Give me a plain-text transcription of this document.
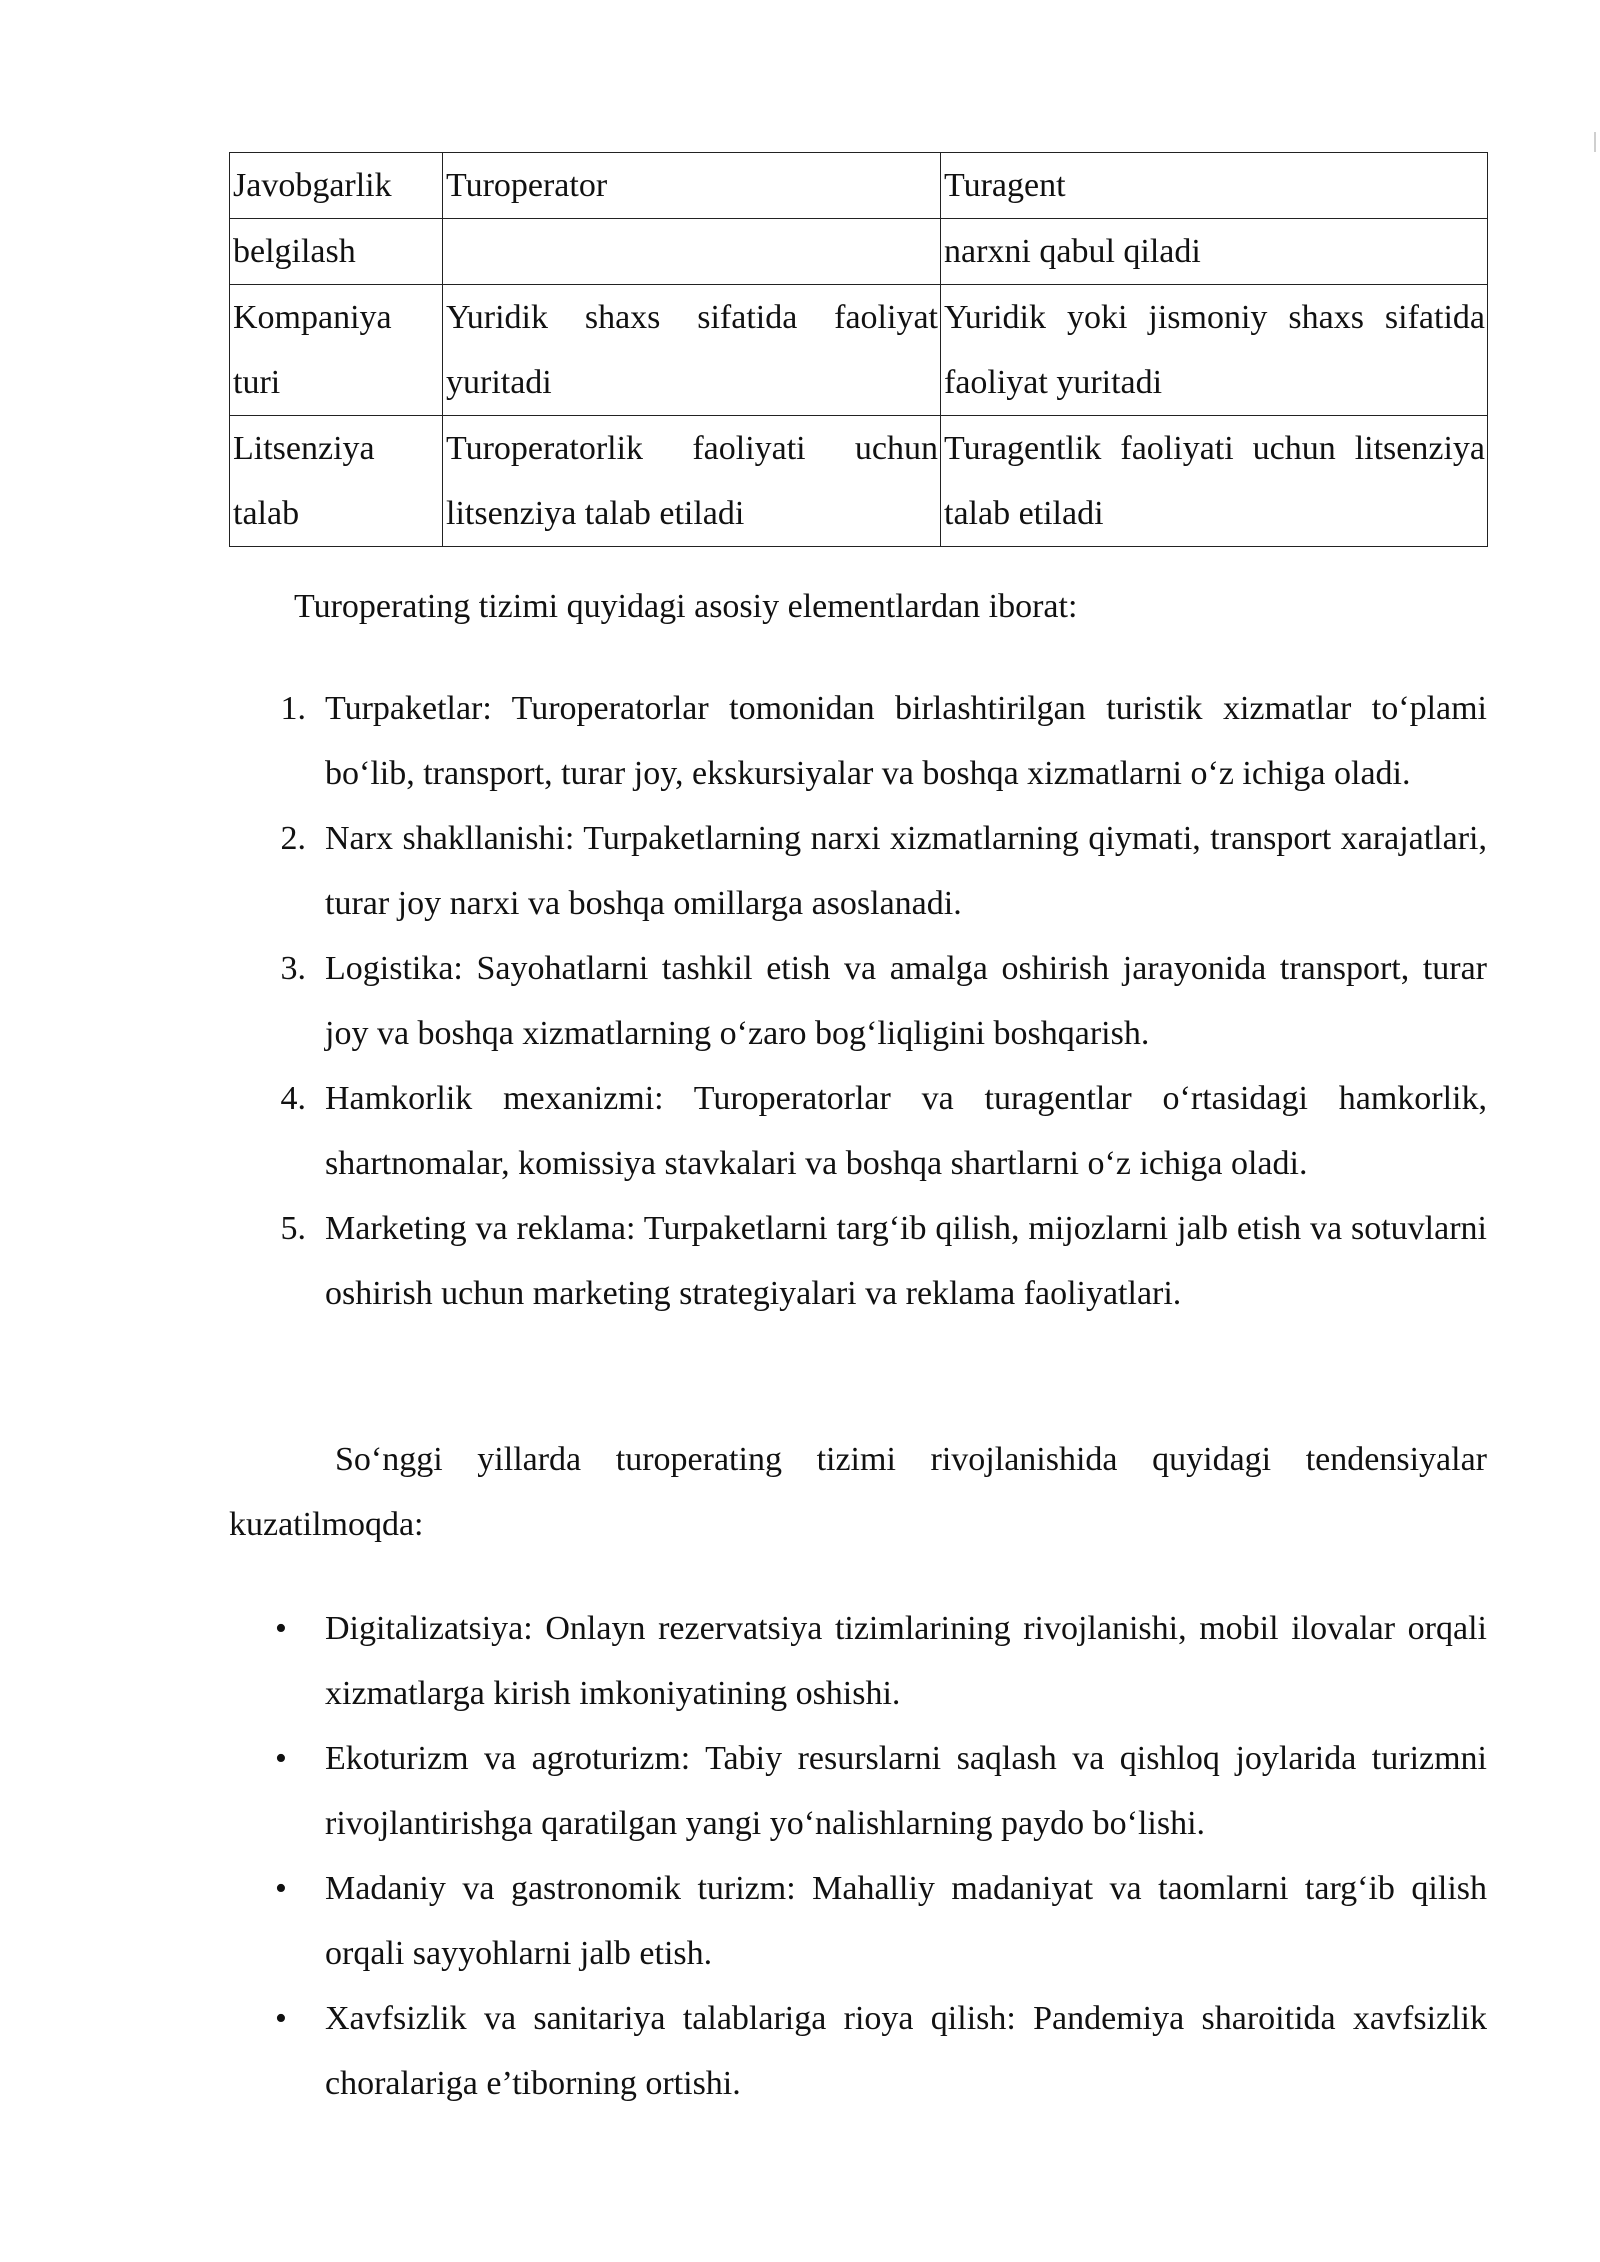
Javobgarlik	Turoperator	Turagent
belgilash		narxni qabul qiladi
Kompaniya turi	Yuridik shaxs sifatida faoliyat yuritadi	Yuridik yoki jismoniy shaxs sifatida faoliyat yuritadi
Litsenziya talab	Turoperatorlik faoliyati uchun litsenziya talab etiladi	Turagentlik faoliyati uchun litsenziya talab etiladi
Turoperating tizimi quyidagi asosiy elementlardan iborat:
1. Turpaketlar: Turoperatorlar tomonidan birlashtirilgan turistik xizmatlar to‘plami bo‘lib, transport, turar joy, ekskursiyalar va boshqa xizmatlarni o‘z ichiga oladi.
2. Narx shakllanishi: Turpaketlarning narxi xizmatlarning qiymati, transport xarajatlari, turar joy narxi va boshqa omillarga asoslanadi.
3. Logistika: Sayohatlarni tashkil etish va amalga oshirish jarayonida transport, turar joy va boshqa xizmatlarning o‘zaro bog‘liqligini boshqarish.
4. Hamkorlik mexanizmi: Turoperatorlar va turagentlar o‘rtasidagi hamkorlik, shartnomalar, komissiya stavkalari va boshqa shartlarni o‘z ichiga oladi.
5. Marketing va reklama: Turpaketlarni targ‘ib qilish, mijozlarni jalb etish va sotuvlarni oshirish uchun marketing strategiyalari va reklama faoliyatlari.
So‘nggi yillarda turoperating tizimi rivojlanishida quyidagi tendensiyalar kuzatilmoqda:
• Digitalizatsiya: Onlayn rezervatsiya tizimlarining rivojlanishi, mobil ilovalar orqali xizmatlarga kirish imkoniyatining oshishi.
• Ekoturizm va agroturizm: Tabiy resurslarni saqlash va qishloq joylarida turizmni rivojlantirishga qaratilgan yangi yo‘nalishlarning paydo bo‘lishi.
• Madaniy va gastronomik turizm: Mahalliy madaniyat va taomlarni targ‘ib qilish orqali sayyohlarni jalb etish.
• Xavfsizlik va sanitariya talablariga rioya qilish: Pandemiya sharoitida xavfsizlik choralariga e’tiborning ortishi.
